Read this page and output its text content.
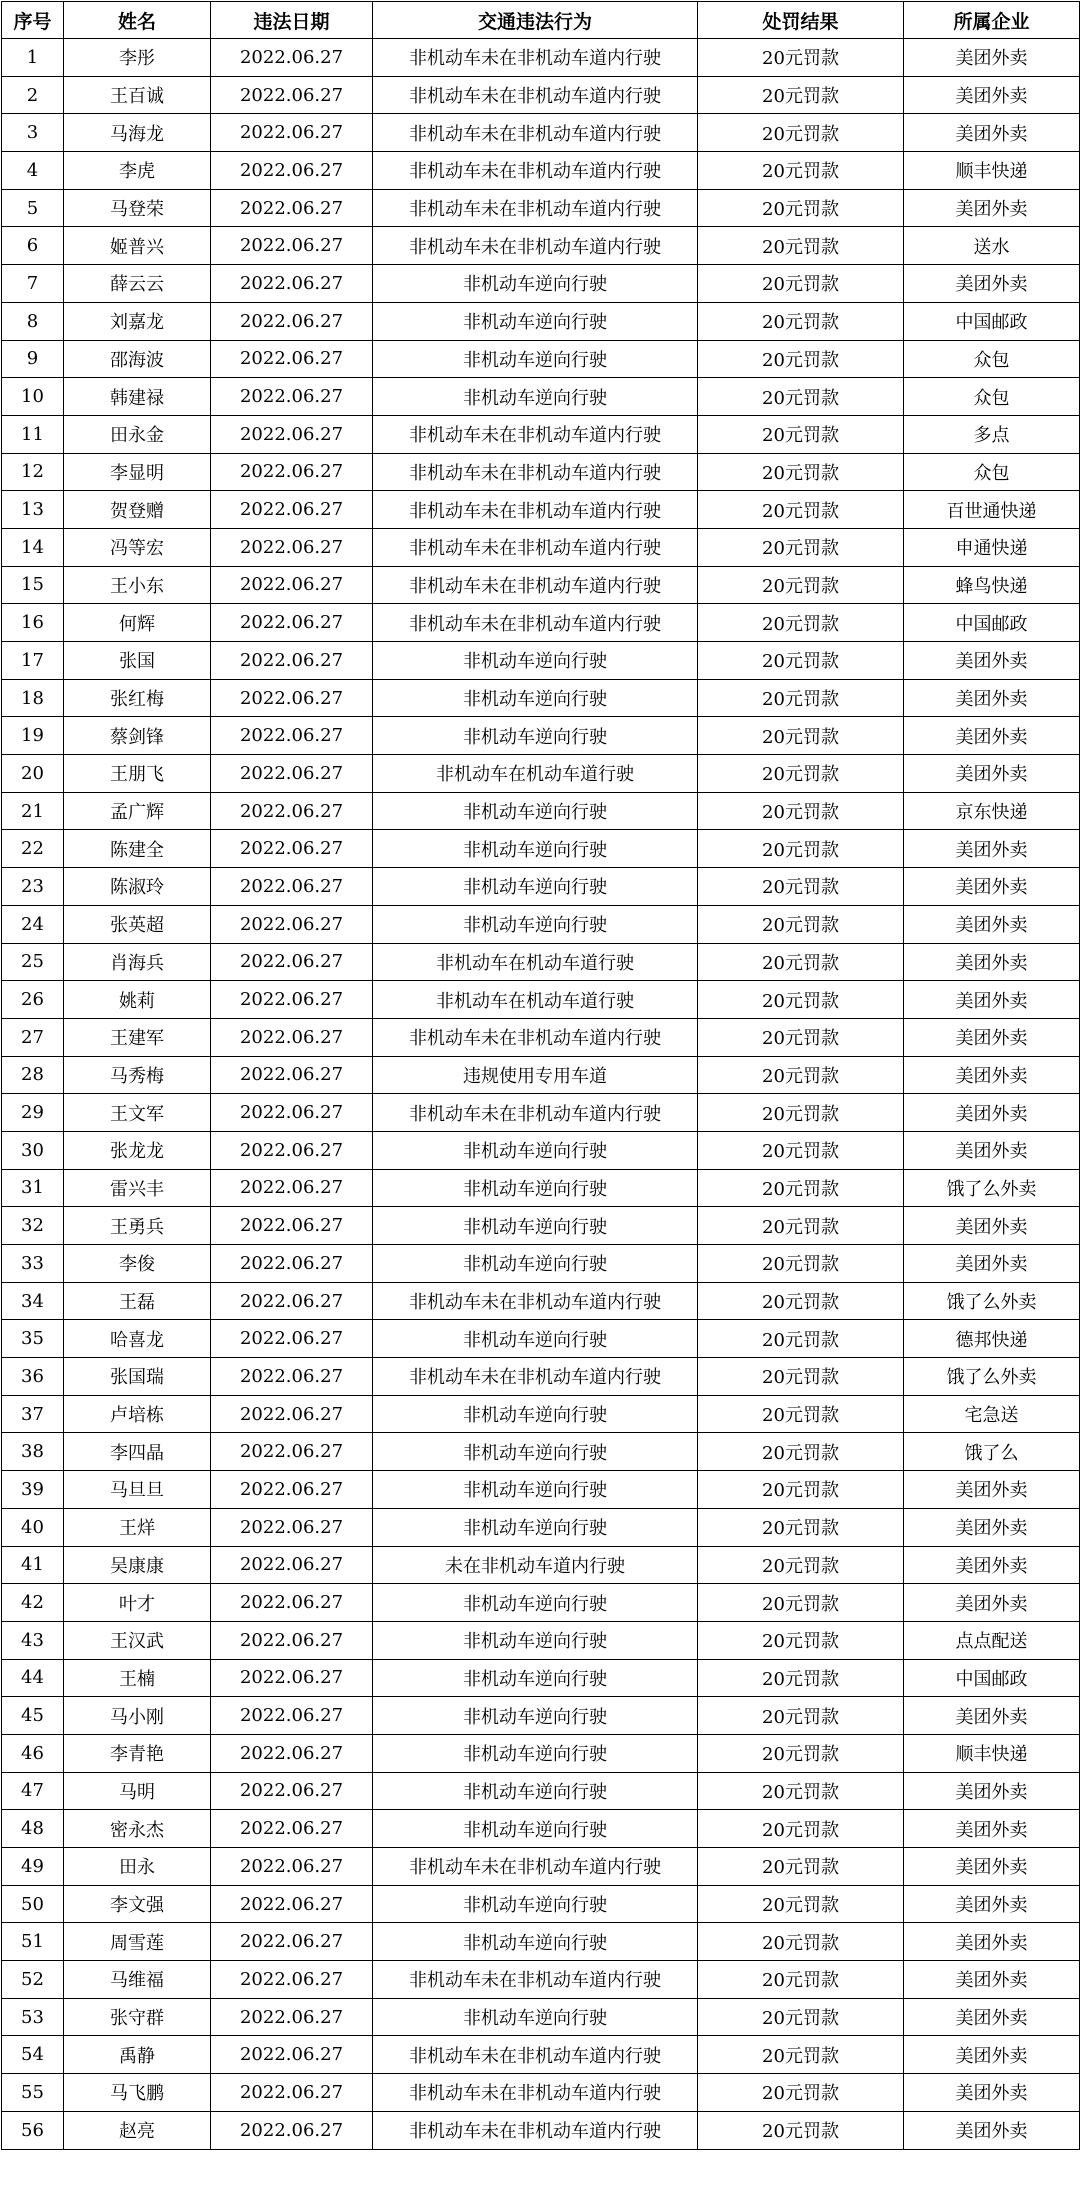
序号	姓名	违法日期	交通违法行为	处罚结果	所属企业
1	李彤	2022.06.27	非机动车未在非机动车道内行驶	20元罚款	美团外卖
2	王百诚	2022.06.27	非机动车未在非机动车道内行驶	20元罚款	美团外卖
3	马海龙	2022.06.27	非机动车未在非机动车道内行驶	20元罚款	美团外卖
4	李虎	2022.06.27	非机动车未在非机动车道内行驶	20元罚款	顺丰快递
5	马登荣	2022.06.27	非机动车未在非机动车道内行驶	20元罚款	美团外卖
6	姬普兴	2022.06.27	非机动车未在非机动车道内行驶	20元罚款	送水
7	薛云云	2022.06.27	非机动车逆向行驶	20元罚款	美团外卖
8	刘嘉龙	2022.06.27	非机动车逆向行驶	20元罚款	中国邮政
9	邵海波	2022.06.27	非机动车逆向行驶	20元罚款	众包
10	韩建禄	2022.06.27	非机动车逆向行驶	20元罚款	众包
11	田永金	2022.06.27	非机动车未在非机动车道内行驶	20元罚款	多点
12	李显明	2022.06.27	非机动车未在非机动车道内行驶	20元罚款	众包
13	贺登赠	2022.06.27	非机动车未在非机动车道内行驶	20元罚款	百世通快递
14	冯等宏	2022.06.27	非机动车未在非机动车道内行驶	20元罚款	申通快递
15	王小东	2022.06.27	非机动车未在非机动车道内行驶	20元罚款	蜂鸟快递
16	何辉	2022.06.27	非机动车未在非机动车道内行驶	20元罚款	中国邮政
17	张国	2022.06.27	非机动车逆向行驶	20元罚款	美团外卖
18	张红梅	2022.06.27	非机动车逆向行驶	20元罚款	美团外卖
19	蔡剑锋	2022.06.27	非机动车逆向行驶	20元罚款	美团外卖
20	王朋飞	2022.06.27	非机动车在机动车道行驶	20元罚款	美团外卖
21	孟广辉	2022.06.27	非机动车逆向行驶	20元罚款	京东快递
22	陈建全	2022.06.27	非机动车逆向行驶	20元罚款	美团外卖
23	陈淑玲	2022.06.27	非机动车逆向行驶	20元罚款	美团外卖
24	张英超	2022.06.27	非机动车逆向行驶	20元罚款	美团外卖
25	肖海兵	2022.06.27	非机动车在机动车道行驶	20元罚款	美团外卖
26	姚莉	2022.06.27	非机动车在机动车道行驶	20元罚款	美团外卖
27	王建军	2022.06.27	非机动车未在非机动车道内行驶	20元罚款	美团外卖
28	马秀梅	2022.06.27	违规使用专用车道	20元罚款	美团外卖
29	王文军	2022.06.27	非机动车未在非机动车道内行驶	20元罚款	美团外卖
30	张龙龙	2022.06.27	非机动车逆向行驶	20元罚款	美团外卖
31	雷兴丰	2022.06.27	非机动车逆向行驶	20元罚款	饿了么外卖
32	王勇兵	2022.06.27	非机动车逆向行驶	20元罚款	美团外卖
33	李俊	2022.06.27	非机动车逆向行驶	20元罚款	美团外卖
34	王磊	2022.06.27	非机动车未在非机动车道内行驶	20元罚款	饿了么外卖
35	哈喜龙	2022.06.27	非机动车逆向行驶	20元罚款	德邦快递
36	张国瑞	2022.06.27	非机动车未在非机动车道内行驶	20元罚款	饿了么外卖
37	卢培栋	2022.06.27	非机动车逆向行驶	20元罚款	宅急送
38	李四晶	2022.06.27	非机动车逆向行驶	20元罚款	饿了么
39	马旦旦	2022.06.27	非机动车逆向行驶	20元罚款	美团外卖
40	王烊	2022.06.27	非机动车逆向行驶	20元罚款	美团外卖
41	吴康康	2022.06.27	未在非机动车道内行驶	20元罚款	美团外卖
42	叶才	2022.06.27	非机动车逆向行驶	20元罚款	美团外卖
43	王汉武	2022.06.27	非机动车逆向行驶	20元罚款	点点配送
44	王楠	2022.06.27	非机动车逆向行驶	20元罚款	中国邮政
45	马小刚	2022.06.27	非机动车逆向行驶	20元罚款	美团外卖
46	李青艳	2022.06.27	非机动车逆向行驶	20元罚款	顺丰快递
47	马明	2022.06.27	非机动车逆向行驶	20元罚款	美团外卖
48	密永杰	2022.06.27	非机动车逆向行驶	20元罚款	美团外卖
49	田永	2022.06.27	非机动车未在非机动车道内行驶	20元罚款	美团外卖
50	李文强	2022.06.27	非机动车逆向行驶	20元罚款	美团外卖
51	周雪莲	2022.06.27	非机动车逆向行驶	20元罚款	美团外卖
52	马维福	2022.06.27	非机动车未在非机动车道内行驶	20元罚款	美团外卖
53	张守群	2022.06.27	非机动车逆向行驶	20元罚款	美团外卖
54	禹静	2022.06.27	非机动车未在非机动车道内行驶	20元罚款	美团外卖
55	马飞鹏	2022.06.27	非机动车未在非机动车道内行驶	20元罚款	美团外卖
56	赵亮	2022.06.27	非机动车未在非机动车道内行驶	20元罚款	美团外卖
